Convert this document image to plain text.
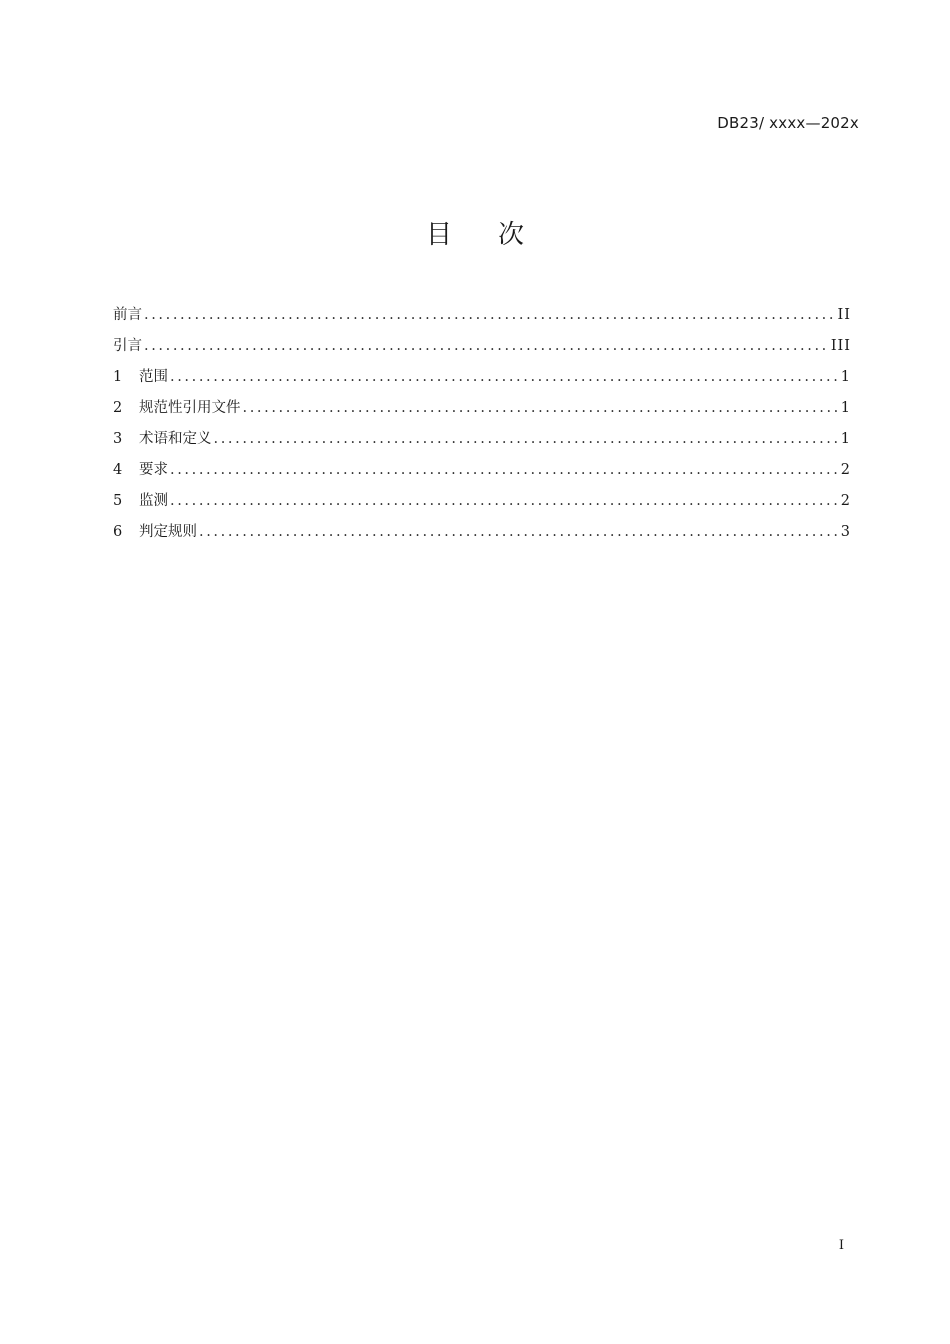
DB23/ xxxx—202x
目 次
前言 .....	II
引言 .....	III
1	范围 .....	1
2	规范性引用文件 .....	1
3	术语和定义 .....	1
4	要求 .....	2
5	监测 .....	2
6	判定规则 .....	3
I
